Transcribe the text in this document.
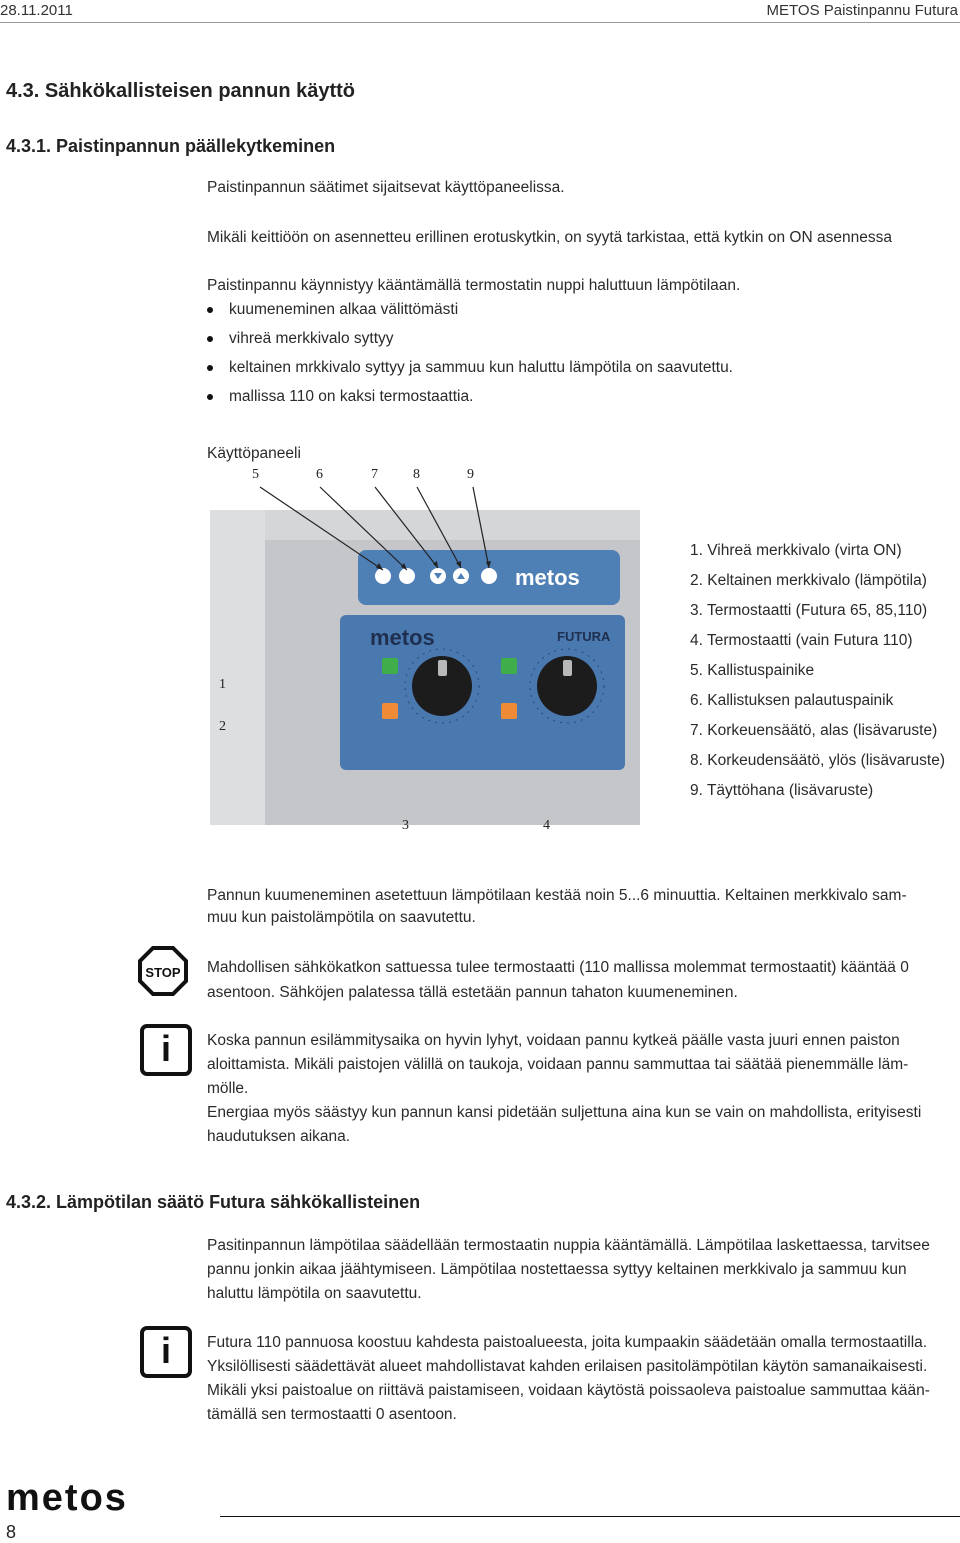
28.11.2011	METOS Paistinpannu Futura
4.3. Sähkökallisteisen pannun käyttö
4.3.1. Paistinpannun päällekytkeminen
Paistinpannun säätimet sijaitsevat käyttöpaneelissa.
Mikäli keittiöön on asennetteu erillinen erotuskytkin, on syytä tarkistaa, että kytkin on ON asennessa
Paistinpannu käynnistyy kääntämällä termostatin nuppi haluttuun lämpötilaan.
kuumeneminen alkaa välittömästi
vihreä merkkivalo syttyy
keltainen mrkkivalo syttyy ja sammuu kun haluttu lämpötila on saavutettu.
mallissa 110 on kaksi termostaattia.
Käyttöpaneeli
metos
metos	FUTURA
5	6	7	8	9
1
2
3	4
1. Vihreä merkkivalo (virta ON)
2. Keltainen merkkivalo (lämpötila)
3. Termostaatti (Futura 65, 85,110)
4. Termostaatti (vain Futura 110)
5. Kallistuspainike
6. Kallistuksen palautuspainik
7. Korkeuensäätö, alas (lisävaruste)
8. Korkeudensäätö, ylös (lisävaruste)
9. Täyttöhana (lisävaruste)
Pannun kuumeneminen asetettuun lämpötilaan kestää noin 5...6 minuuttia. Keltainen merkkivalo sam-
muu kun paistolämpötila on saavutettu.
STOP Mahdollisen sähkökatkon sattuessa tulee termostaatti (110 mallissa molemmat termostaatit) kääntää 0
asentoon. Sähköjen palatessa tällä estetään pannun tahaton kuumeneminen.
i	Koska pannun esilämmitysaika on hyvin lyhyt, voidaan pannu kytkeä päälle vasta juuri ennen paiston
aloittamista. Mikäli paistojen välillä on taukoja, voidaan pannu sammuttaa tai säätää pienemmälle läm-
mölle.
Energiaa myös säästyy kun pannun kansi pidetään suljettuna aina kun se vain on mahdollista, erityisesti
haudutuksen aikana.
4.3.2. Lämpötilan säätö Futura sähkökallisteinen
Pasitinpannun lämpötilaa säädellään termostaatin nuppia kääntämällä. Lämpötilaa laskettaessa, tarvitsee
pannu jonkin aikaa jäähtymiseen. Lämpötilaa nostettaessa syttyy keltainen merkkivalo ja sammuu kun
haluttu lämpötila on saavutettu.
i	Futura 110 pannuosa koostuu kahdesta paistoalueesta, joita kumpaakin säädetään omalla termostaatilla.
Yksilöllisesti säädettävät alueet mahdollistavat kahden erilaisen pasitolämpötilan käytön samanaikaisesti.
Mikäli yksi paistoalue on riittävä paistamiseen, voidaan käytöstä poissaoleva paistoalue sammuttaa kään-
tämällä sen termostaatti 0 asentoon.
metos
8
